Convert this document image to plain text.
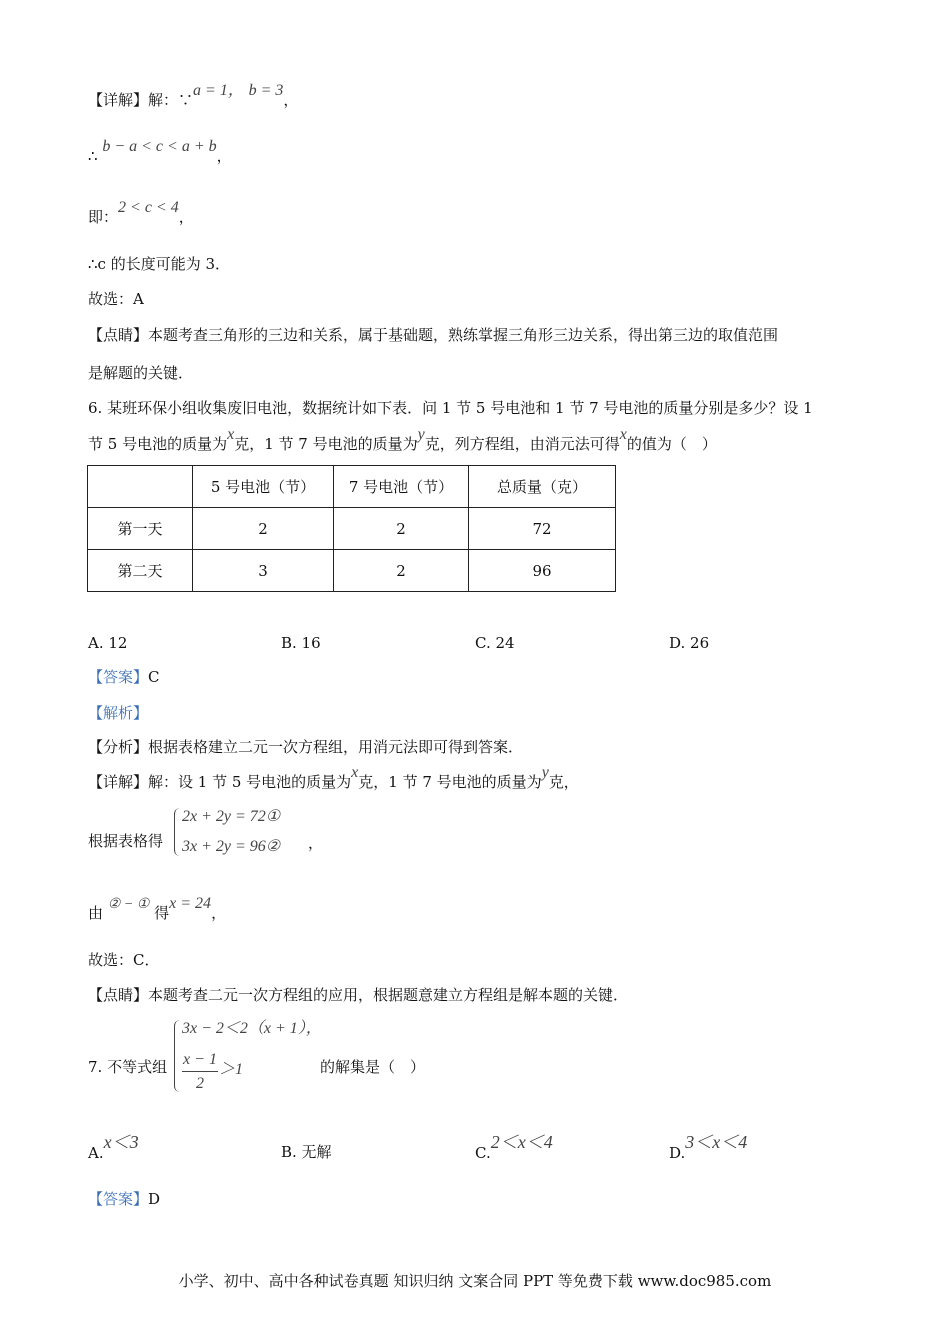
【详解】解：∵a = 1， b = 3，
∴ b − a < c < a + b，
即：2 < c < 4，
∴c 的长度可能为 3．
故选：A
【点睛】本题考查三角形的三边和关系，属于基础题，熟练掌握三角形三边关系，得出第三边的取值范围
是解题的关键．
6. 某班环保小组收集废旧电池，数据统计如下表．问 1 节 5 号电池和 1 节 7 号电池的质量分别是多少？设 1
节 5 号电池的质量为x克，1 节 7 号电池的质量为y克，列方程组，由消元法可得x的值为（　）
	5 号电池（节）	7 号电池（节）	总质量（克）
第一天	2	2	72
第二天	3	2	96
A. 12	B. 16	C. 24	D. 26
【答案】C
【解析】
【分析】根据表格建立二元一次方程组，用消元法即可得到答案．
【详解】解：设 1 节 5 号电池的质量为x克，1 节 7 号电池的质量为y克，
根据表格得
2x + 2y = 72①
3x + 2y = 96② ，
由 ② − ① 得x = 24，
故选：C．
【点睛】本题考查二元一次方程组的应用，根据题意建立方程组是解本题的关键．
7. 不等式组
3x − 2＜2（x + 1），
x − 1
2
＞1	的解集是（　）
A.x＜3	B. 无解	C.2＜x＜4
D.3＜x＜4
【答案】D
小学、初中、高中各种试卷真题 知识归纳 文案合同 PPT 等免费下载 www.doc985.com
